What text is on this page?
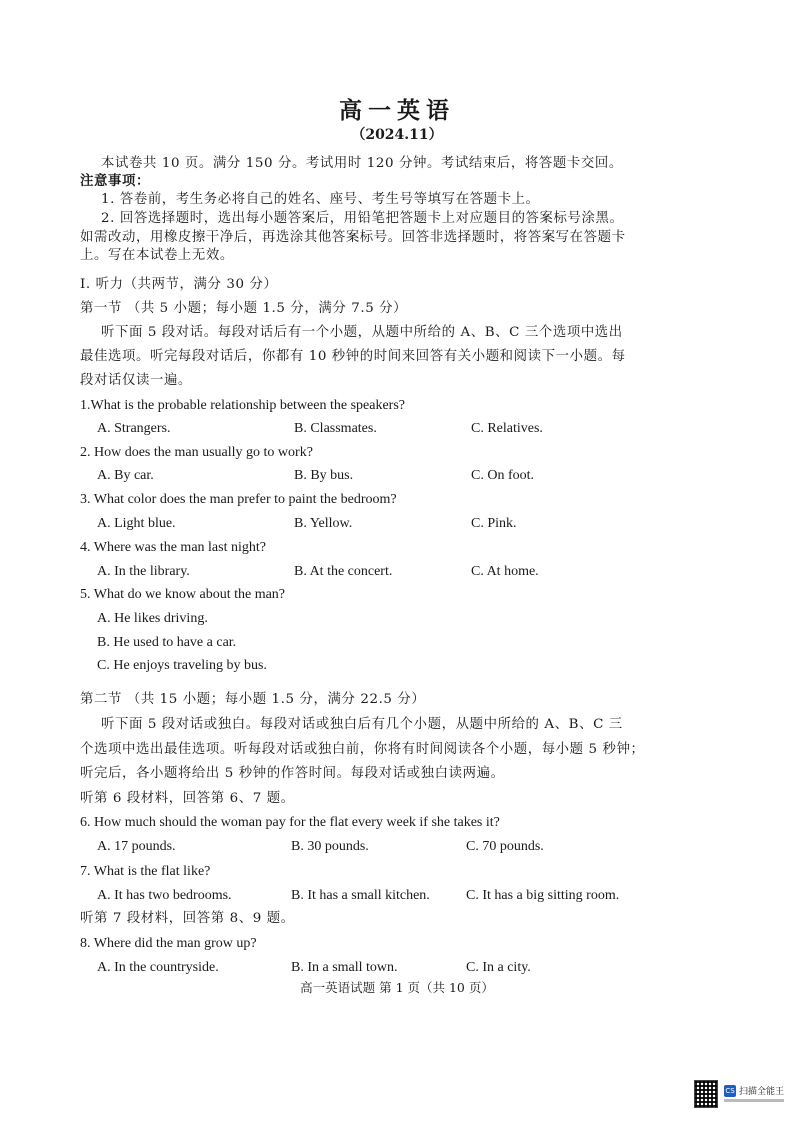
高一英语
（2024.11）
本试卷共 10 页。满分 150 分。考试用时 120 分钟。考试结束后，将答题卡交回。
注意事项：
1. 答卷前，考生务必将自己的姓名、座号、考生号等填写在答题卡上。
2. 回答选择题时，选出每小题答案后，用铅笔把答题卡上对应题目的答案标号涂黑。
如需改动，用橡皮擦干净后，再选涂其他答案标号。回答非选择题时，将答案写在答题卡
上。写在本试卷上无效。
I. 听力（共两节，满分 30 分）
第一节 （共 5 小题；每小题 1.5 分，满分 7.5 分）
听下面 5 段对话。每段对话后有一个小题，从题中所给的 A、B、C 三个选项中选出
最佳选项。听完每段对话后，你都有 10 秒钟的时间来回答有关小题和阅读下一小题。每
段对话仅读一遍。
1.What is the probable relationship between the speakers?
A. Strangers.	B. Classmates.	C. Relatives.
2. How does the man usually go to work?
A. By car.	B. By bus.	C. On foot.
3. What color does the man prefer to paint the bedroom?
A. Light blue.	B. Yellow.	C. Pink.
4. Where was the man last night?
A. In the library.	B. At the concert.	C. At home.
5. What do we know about the man?
A. He likes driving.
B. He used to have a car.
C. He enjoys traveling by bus.
第二节 （共 15 小题；每小题 1.5 分，满分 22.5 分）
听下面 5 段对话或独白。每段对话或独白后有几个小题，从题中所给的 A、B、C 三
个选项中选出最佳选项。听每段对话或独白前，你将有时间阅读各个小题，每小题 5 秒钟；
听完后，各小题将给出 5 秒钟的作答时间。每段对话或独白读两遍。
听第 6 段材料，回答第 6、7 题。
6. How much should the woman pay for the flat every week if she takes it?
A. 17 pounds.	B. 30 pounds.	C. 70 pounds.
7. What is the flat like?
A. It has two bedrooms.	B. It has a small kitchen.	C. It has a big sitting room.
听第 7 段材料，回答第 8、9 题。
8. Where did the man grow up?
A. In the countryside.	B. In a small town.	C. In a city.
高一英语试题 第 1 页（共 10 页）
CS 扫描全能王
